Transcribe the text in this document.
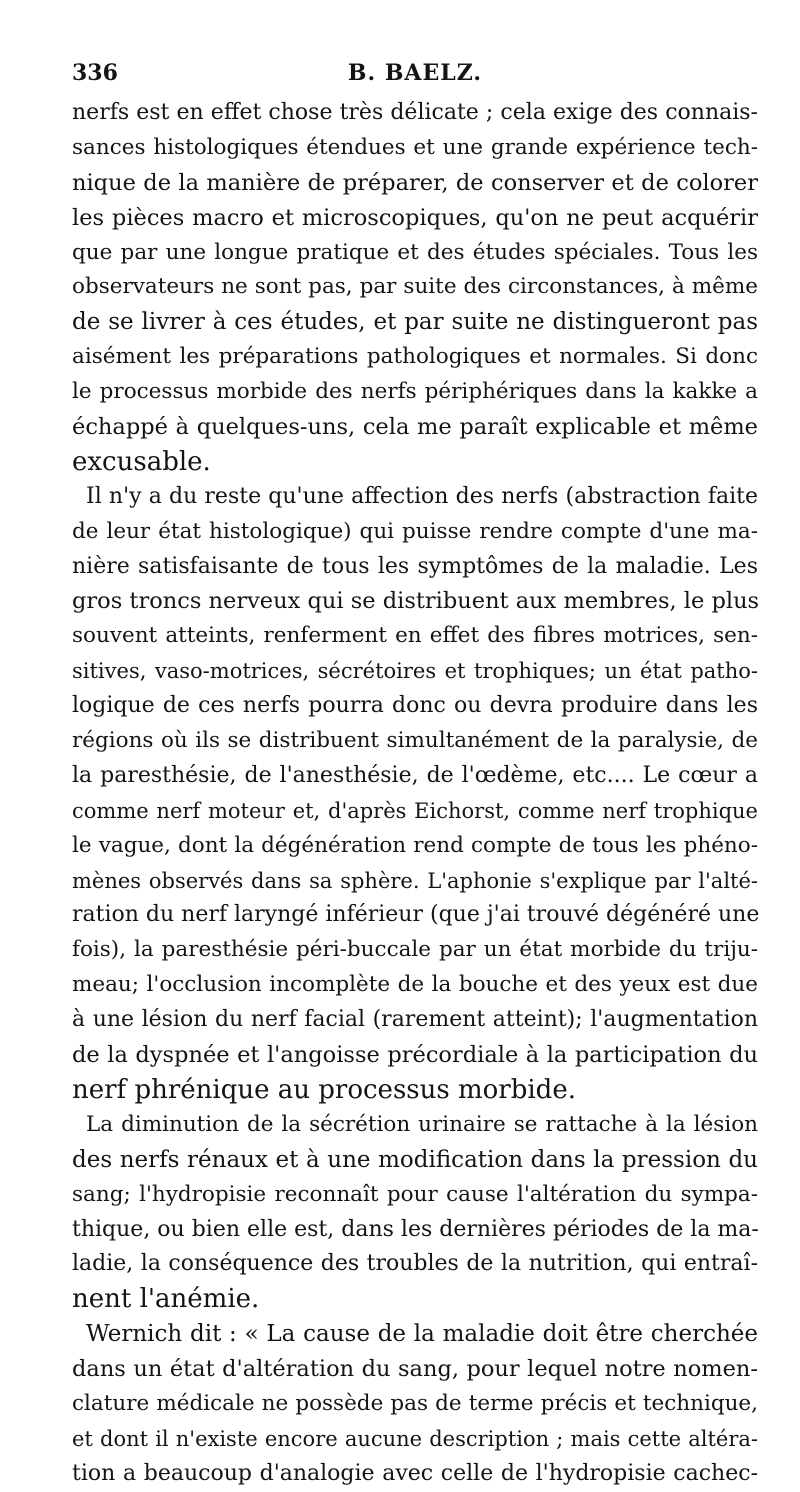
336	B. BAELZ.
nerfs est en effet chose très délicate ; cela exige des connais-
sances histologiques étendues et une grande expérience tech-
nique de la manière de préparer, de conserver et de colorer
les pièces macro et microscopiques, qu'on ne peut acquérir
que par une longue pratique et des études spéciales. Tous les
observateurs ne sont pas, par suite des circonstances, à même
de se livrer à ces études, et par suite ne distingueront pas
aisément les préparations pathologiques et normales. Si donc
le processus morbide des nerfs périphériques dans la kakke a
échappé à quelques-uns, cela me paraît explicable et même
excusable.
Il n'y a du reste qu'une affection des nerfs (abstraction faite
de leur état histologique) qui puisse rendre compte d'une ma-
nière satisfaisante de tous les symptômes de la maladie. Les
gros troncs nerveux qui se distribuent aux membres, le plus
souvent atteints, renferment en effet des fibres motrices, sen-
sitives, vaso-motrices, sécrétoires et trophiques; un état patho-
logique de ces nerfs pourra donc ou devra produire dans les
régions où ils se distribuent simultanément de la paralysie, de
la paresthésie, de l'anesthésie, de l'œdème, etc.... Le cœur a
comme nerf moteur et, d'après Eichorst, comme nerf trophique
le vague, dont la dégénération rend compte de tous les phéno-
mènes observés dans sa sphère. L'aphonie s'explique par l'alté-
ration du nerf laryngé inférieur (que j'ai trouvé dégénéré une
fois), la paresthésie péri-buccale par un état morbide du triju-
meau; l'occlusion incomplète de la bouche et des yeux est due
à une lésion du nerf facial (rarement atteint); l'augmentation
de la dyspnée et l'angoisse précordiale à la participation du
nerf phrénique au processus morbide.
La diminution de la sécrétion urinaire se rattache à la lésion
des nerfs rénaux et à une modification dans la pression du
sang; l'hydropisie reconnaît pour cause l'altération du sympa-
thique, ou bien elle est, dans les dernières périodes de la ma-
ladie, la conséquence des troubles de la nutrition, qui entraî-
nent l'anémie.
Wernich dit : « La cause de la maladie doit être cherchée
dans un état d'altération du sang, pour lequel notre nomen-
clature médicale ne possède pas de terme précis et technique,
et dont il n'existe encore aucune description ; mais cette altéra-
tion a beaucoup d'analogie avec celle de l'hydropisie cachec-
